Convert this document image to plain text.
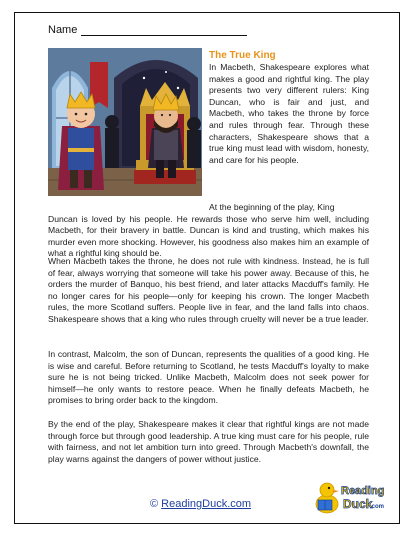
Name
The True King
In Macbeth, Shakespeare explores what makes a good and rightful king. The play presents two very different rulers: King Duncan, who is fair and just, and Macbeth, who takes the throne by force and rules through fear. Through these characters, Shakespeare shows that a true king must lead with wisdom, honesty, and care for his people.
At the beginning of the play, King
Duncan is loved by his people. He rewards those who serve him well, including Macbeth, for their bravery in battle. Duncan is kind and trusting, which makes his murder even more shocking. However, his goodness also makes him an example of what a rightful king should be.
When Macbeth takes the throne, he does not rule with kindness. Instead, he is full of fear, always worrying that someone will take his power away. Because of this, he orders the murder of Banquo, his best friend, and later attacks Macduff's family. He no longer cares for his people—only for keeping his crown. The longer Macbeth rules, the more Scotland suffers. People live in fear, and the land falls into chaos. Shakespeare shows that a king who rules through cruelty will never be a true leader.
In contrast, Malcolm, the son of Duncan, represents the qualities of a good king. He is wise and careful. Before returning to Scotland, he tests Macduff's loyalty to make sure he is not being tricked. Unlike Macbeth, Malcolm does not seek power for himself—he only wants to restore peace. When he finally defeats Macbeth, he promises to bring order back to the kingdom.
By the end of the play, Shakespeare makes it clear that rightful kings are not made through force but through good leadership. A true king must care for his people, rule with fairness, and not let ambition turn into greed. Through Macbeth's downfall, the play warns against the dangers of power without justice.
© ReadingDuck.com
Reading
Duck
.com
